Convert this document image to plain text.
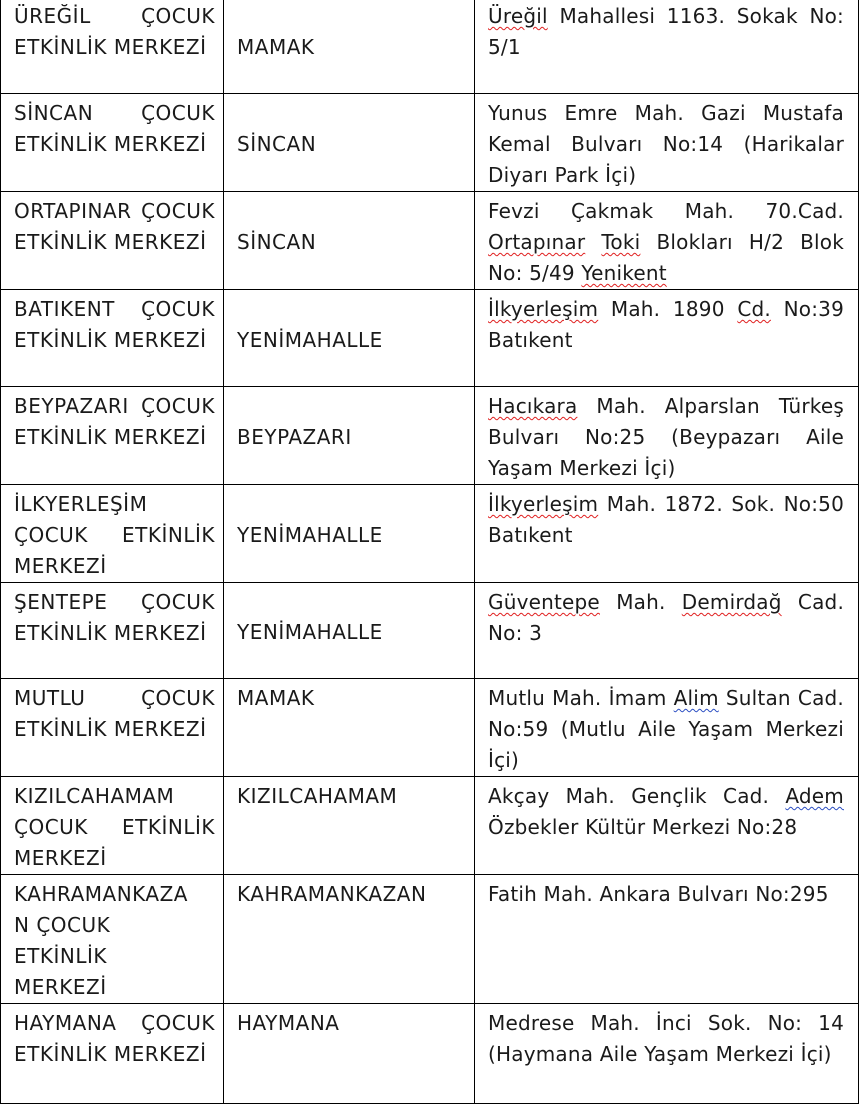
ÜREĞİL ÇOCUK ETKİNLİK MERKEZİ	MAMAK	Üreğil Mahallesi 1163. Sokak No: 5/1
SİNCAN ÇOCUK ETKİNLİK MERKEZİ	SİNCAN	Yunus Emre Mah. Gazi Mustafa Kemal Bulvarı No:14 (Harikalar Diyarı Park İçi)
ORTAPINAR ÇOCUK ETKİNLİK MERKEZİ	SİNCAN	Fevzi Çakmak Mah. 70.Cad. Ortapınar Toki Blokları H/2 Blok No: 5/49 Yenikent
BATIKENT ÇOCUK ETKİNLİK MERKEZİ	YENİMAHALLE	İlkyerleşim Mah. 1890 Cd. No:39 Batıkent
BEYPAZARI ÇOCUK ETKİNLİK MERKEZİ	BEYPAZARI	Hacıkara Mah. Alparslan Türkeş Bulvarı No:25 (Beypazarı Aile Yaşam Merkezi İçi)
İLKYERLEŞİM ÇOCUK ETKİNLİK MERKEZİ	YENİMAHALLE	İlkyerleşim Mah. 1872. Sok. No:50 Batıkent
ŞENTEPE ÇOCUK ETKİNLİK MERKEZİ	YENİMAHALLE	Güventepe Mah. Demirdağ Cad. No: 3
MUTLU ÇOCUK ETKİNLİK MERKEZİ	MAMAK	Mutlu Mah. İmam Alim Sultan Cad. No:59 (Mutlu Aile Yaşam Merkezi İçi)
KIZILCAHAMAM ÇOCUK ETKİNLİK MERKEZİ	KIZILCAHAMAM	Akçay Mah. Gençlik Cad. Adem Özbekler Kültür Merkezi No:28
KAHRAMANKAZA
N ÇOCUK
ETKİNLİK
MERKEZİ	KAHRAMANKAZAN	Fatih Mah. Ankara Bulvarı No:295
HAYMANA ÇOCUK ETKİNLİK MERKEZİ	HAYMANA	Medrese Mah. İnci Sok. No: 14 (Haymana Aile Yaşam Merkezi İçi)
